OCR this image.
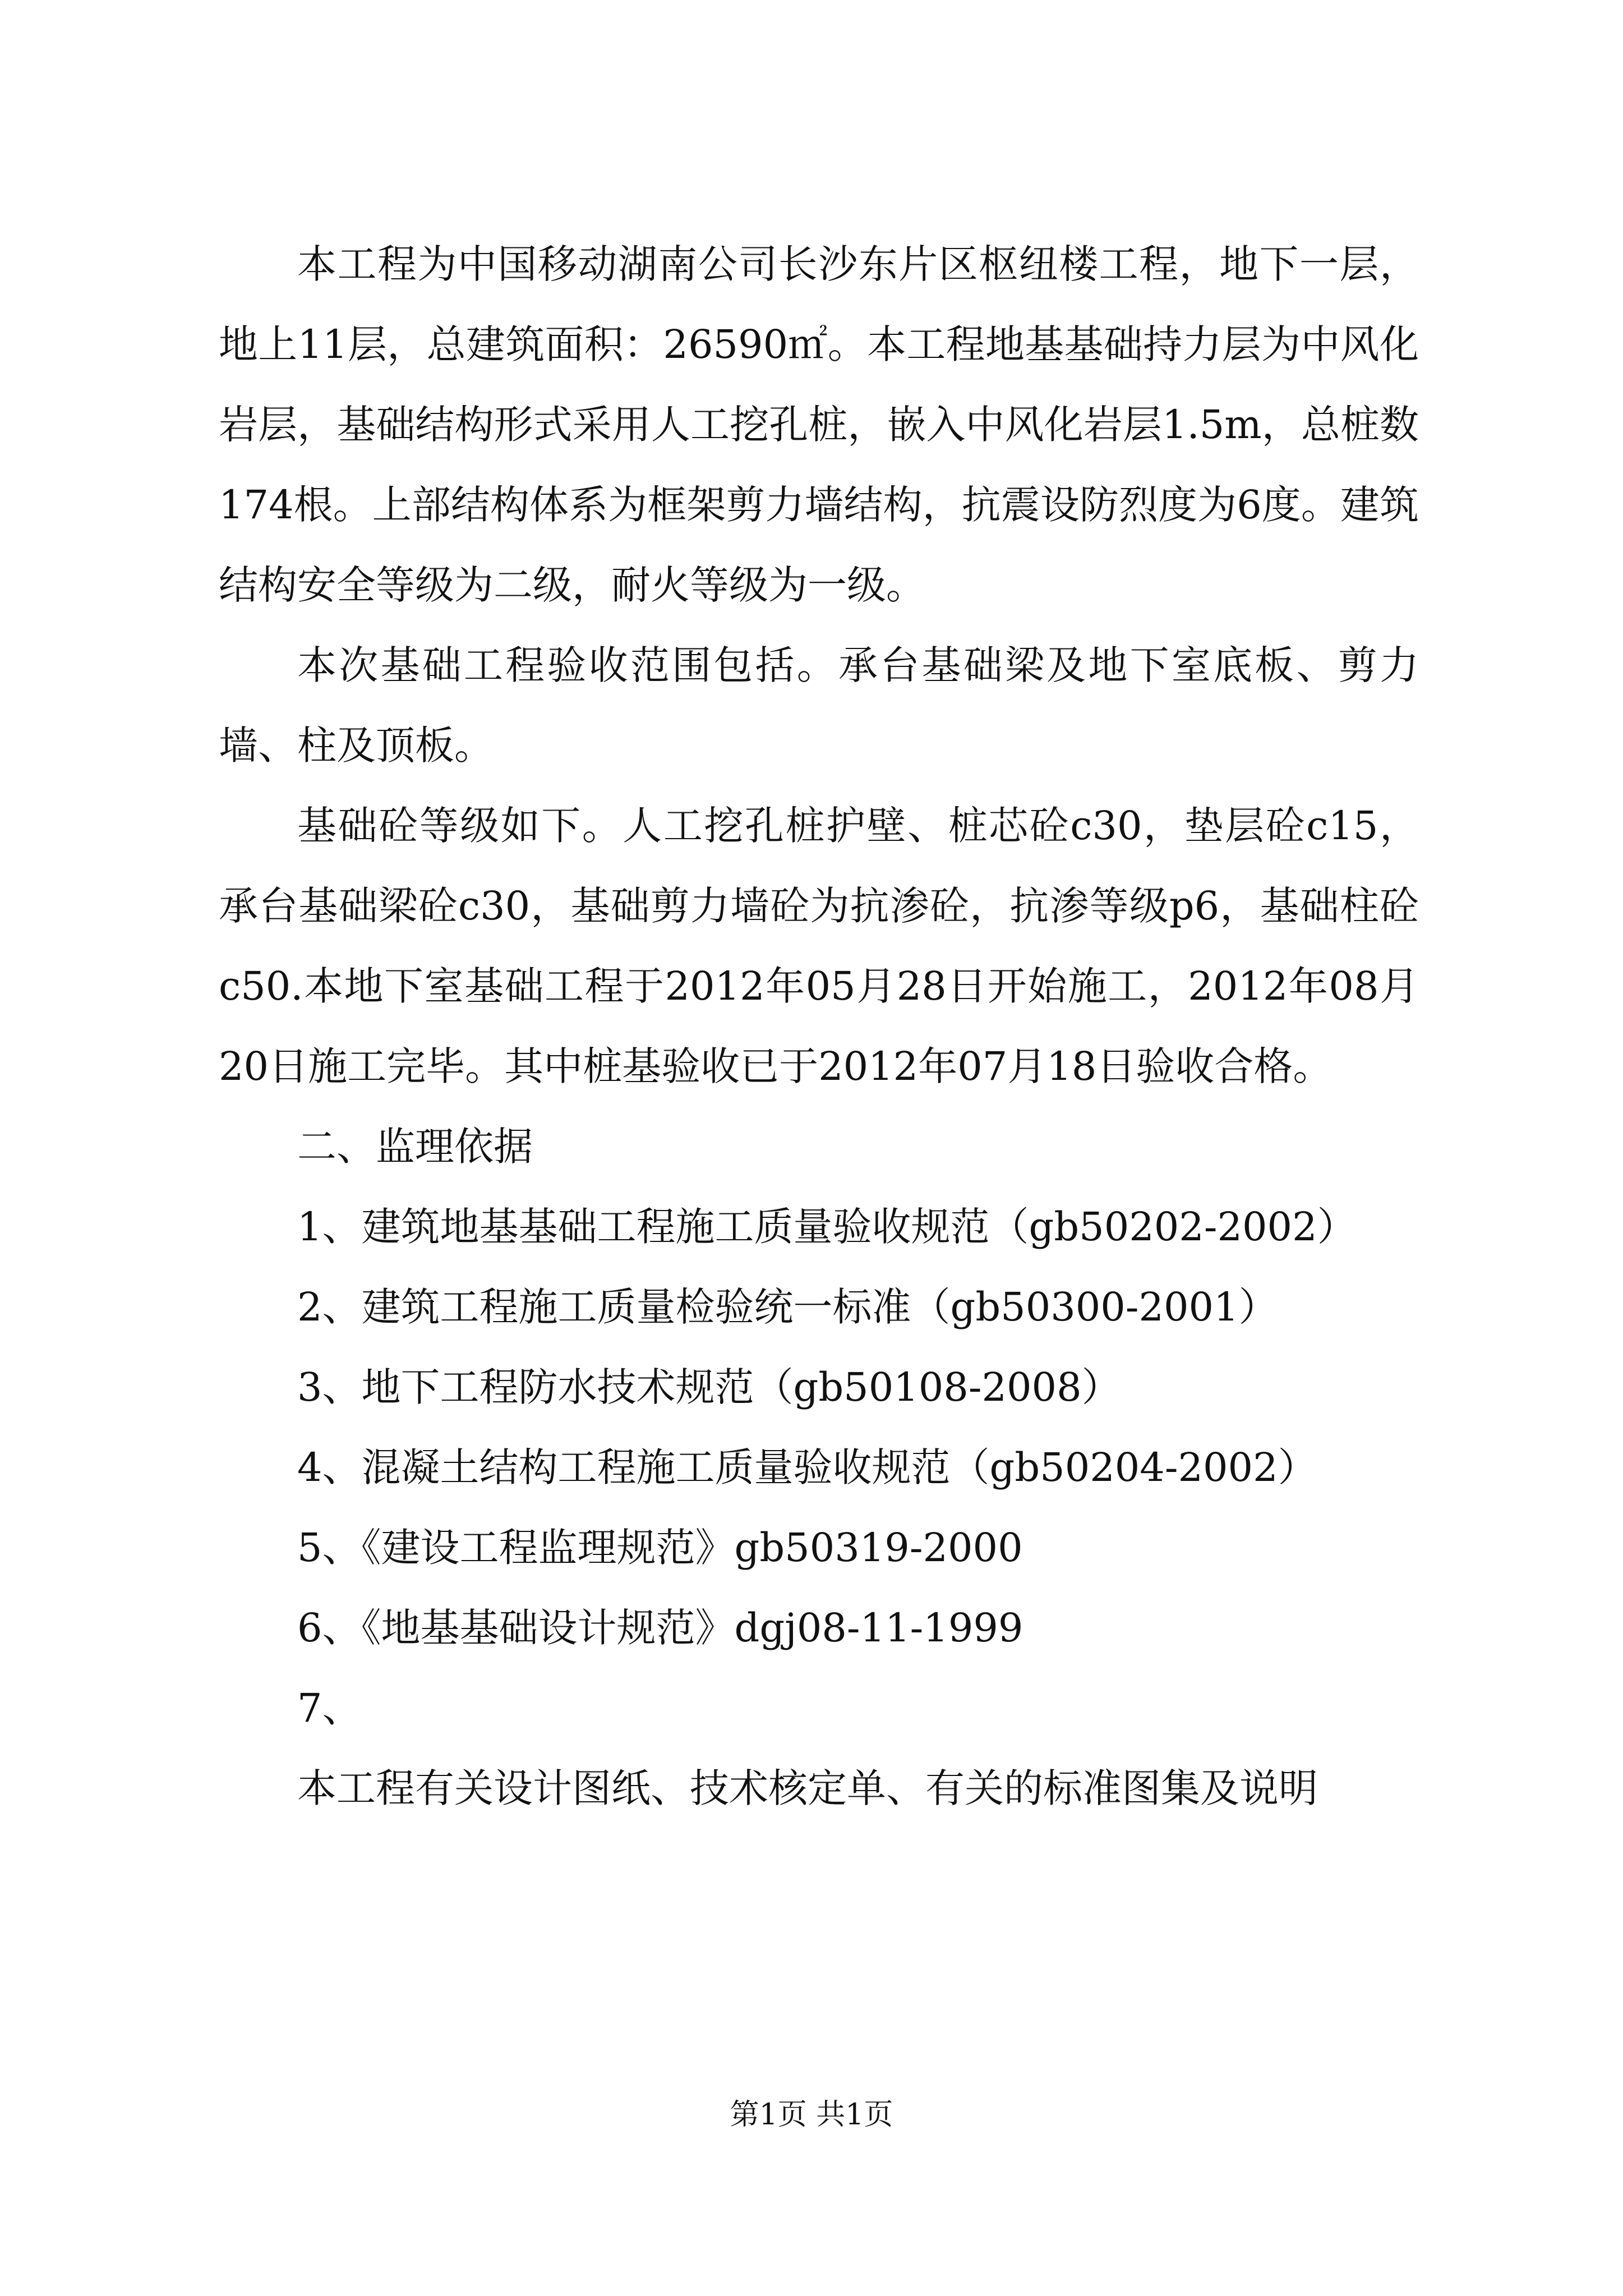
本工程为中国移动湖南公司长沙东片区枢纽楼工程，地下一层，地上11层，总建筑面积：26590㎡。本工程地基基础持力层为中风化岩层，基础结构形式采用人工挖孔桩，嵌入中风化岩层1.5m，总桩数174根。上部结构体系为框架剪力墙结构，抗震设防烈度为6度。建筑结构安全等级为二级，耐火等级为一级。

本次基础工程验收范围包括。承台基础梁及地下室底板、剪力墙、柱及顶板。

基础砼等级如下。人工挖孔桩护壁、桩芯砼c30，垫层砼c15，承台基础梁砼c30，基础剪力墙砼为抗渗砼，抗渗等级p6，基础柱砼c50.本地下室基础工程于2012年05月28日开始施工，2012年08月20日施工完毕。其中桩基验收已于2012年07月18日验收合格。

二、监理依据

1、建筑地基基础工程施工质量验收规范（gb50202-2002）

2、建筑工程施工质量检验统一标准（gb50300-2001）

3、地下工程防水技术规范（gb50108-2008）

4、混凝土结构工程施工质量验收规范（gb50204-2002）

5、《建设工程监理规范》gb50319-2000

6、《地基基础设计规范》dgj08-11-1999

7、

本工程有关设计图纸、技术核定单、有关的标准图集及说明

第1页 共1页
